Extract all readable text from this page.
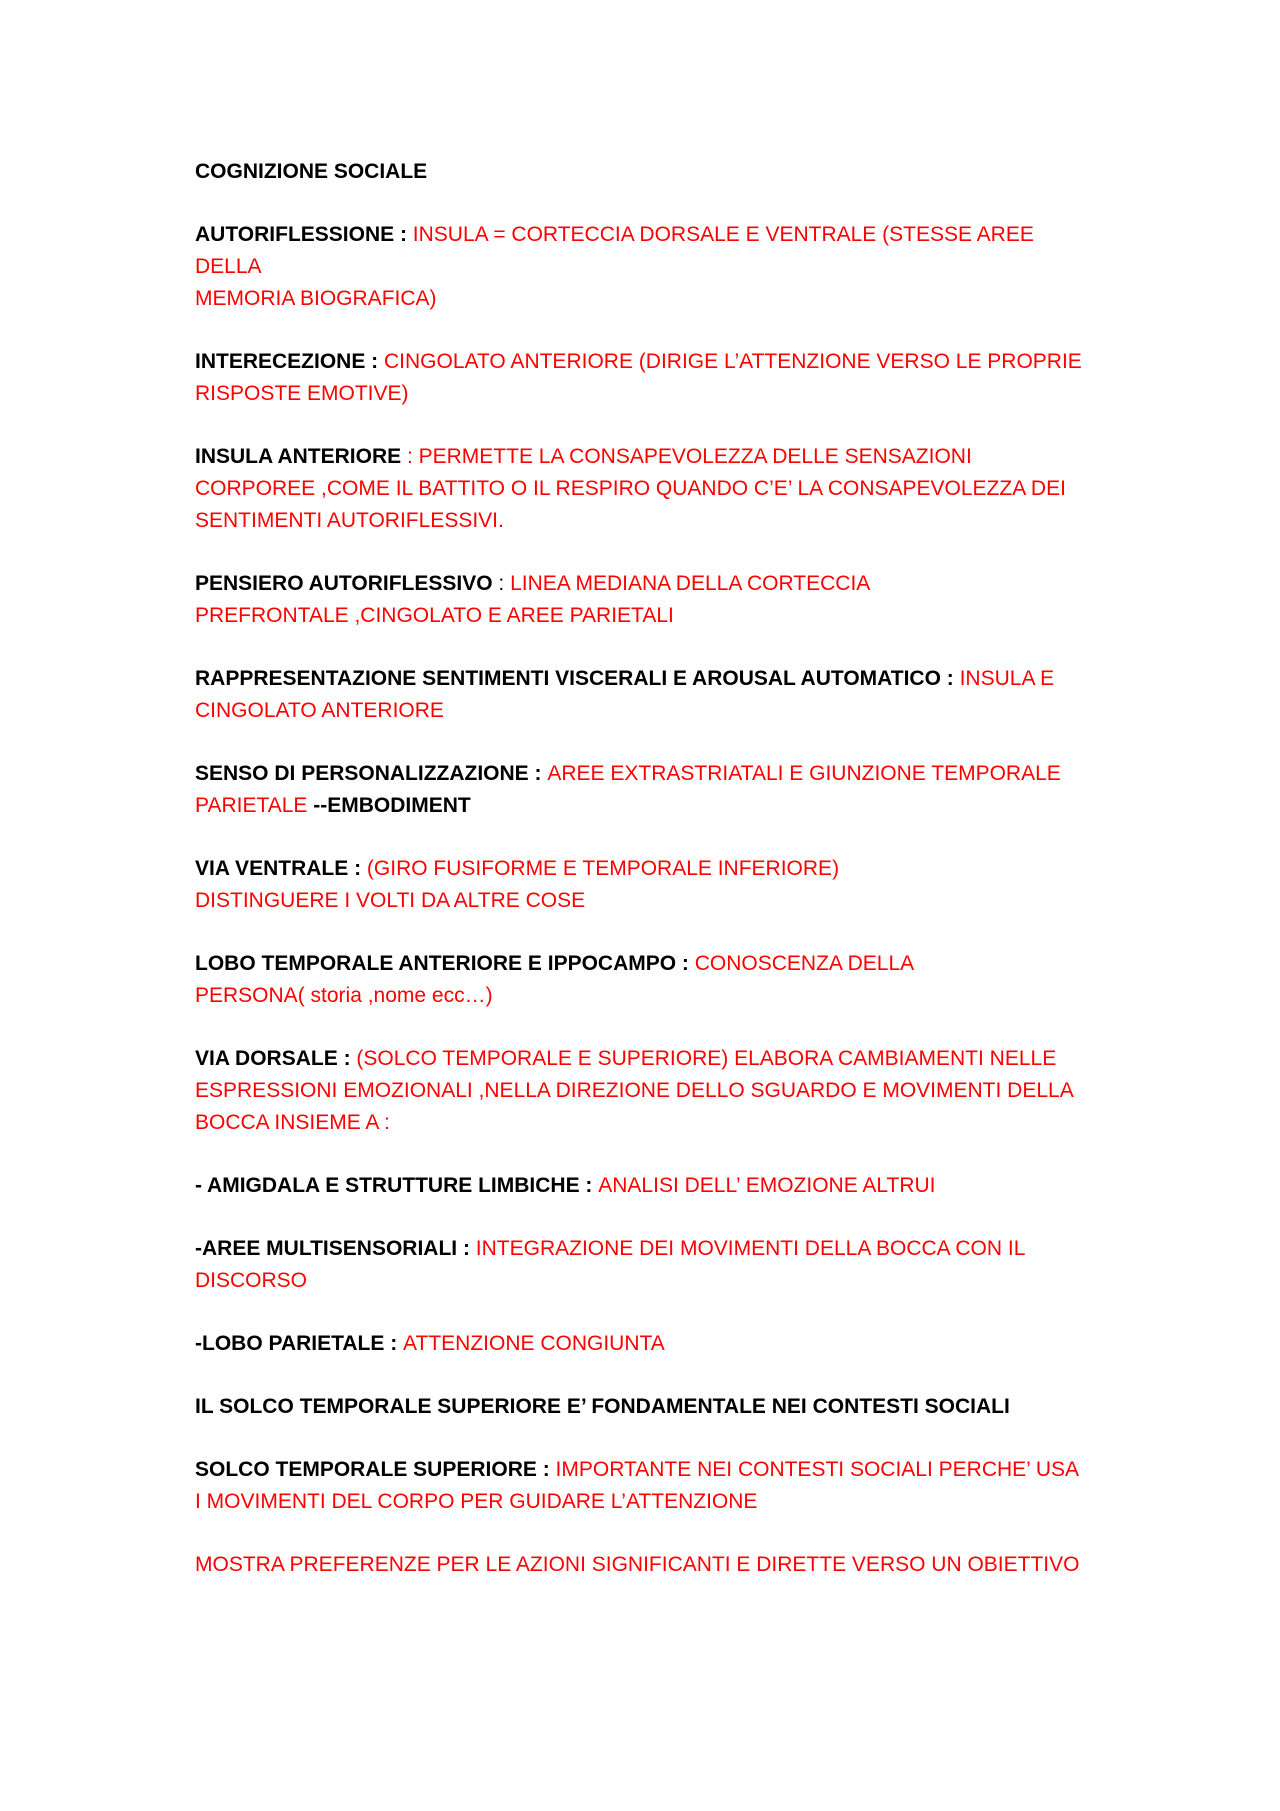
COGNIZIONE SOCIALE

AUTORIFLESSIONE : INSULA = CORTECCIA DORSALE E VENTRALE (STESSE AREE DELLA
MEMORIA BIOGRAFICA)

INTERECEZIONE : CINGOLATO ANTERIORE (DIRIGE L’ATTENZIONE VERSO LE PROPRIE
RISPOSTE EMOTIVE)

INSULA ANTERIORE : PERMETTE LA CONSAPEVOLEZZA DELLE SENSAZIONI
CORPOREE ,COME IL BATTITO O IL RESPIRO QUANDO C’E’ LA CONSAPEVOLEZZA DEI
SENTIMENTI AUTORIFLESSIVI.

PENSIERO AUTORIFLESSIVO : LINEA MEDIANA DELLA CORTECCIA
PREFRONTALE ,CINGOLATO E AREE PARIETALI

RAPPRESENTAZIONE SENTIMENTI VISCERALI E AROUSAL AUTOMATICO : INSULA E
CINGOLATO ANTERIORE

SENSO DI PERSONALIZZAZIONE : AREE EXTRASTRIATALI E GIUNZIONE TEMPORALE
PARIETALE --EMBODIMENT

VIA VENTRALE : (GIRO FUSIFORME E TEMPORALE INFERIORE)
DISTINGUERE I VOLTI DA ALTRE COSE

LOBO TEMPORALE ANTERIORE E IPPOCAMPO : CONOSCENZA DELLA
PERSONA( storia ,nome ecc…)

VIA DORSALE : (SOLCO TEMPORALE E SUPERIORE) ELABORA CAMBIAMENTI NELLE
ESPRESSIONI EMOZIONALI ,NELLA DIREZIONE DELLO SGUARDO E MOVIMENTI DELLA
BOCCA INSIEME A :

- AMIGDALA E STRUTTURE LIMBICHE : ANALISI DELL’ EMOZIONE ALTRUI

-AREE MULTISENSORIALI : INTEGRAZIONE DEI MOVIMENTI DELLA BOCCA CON IL
DISCORSO

-LOBO PARIETALE : ATTENZIONE CONGIUNTA

IL SOLCO TEMPORALE SUPERIORE E’ FONDAMENTALE NEI CONTESTI SOCIALI

SOLCO TEMPORALE SUPERIORE : IMPORTANTE NEI CONTESTI SOCIALI PERCHE’ USA
I MOVIMENTI DEL CORPO PER GUIDARE L’ATTENZIONE

MOSTRA PREFERENZE PER LE AZIONI SIGNIFICANTI E DIRETTE VERSO UN OBIETTIVO
